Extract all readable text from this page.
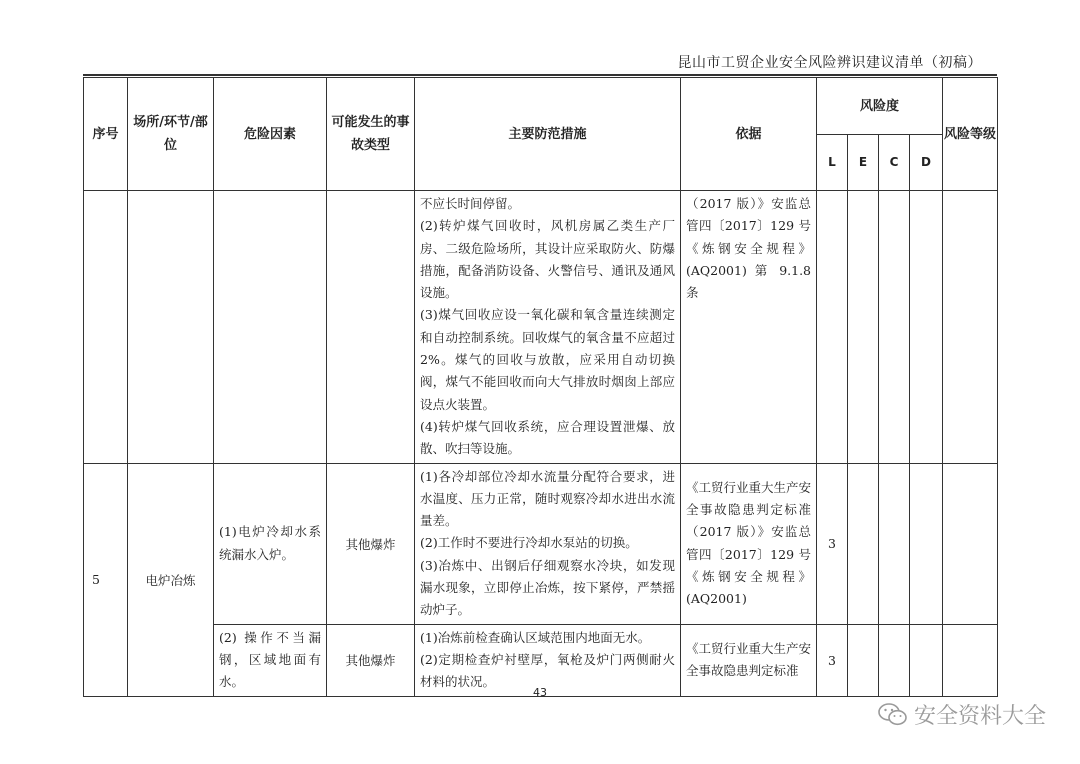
昆山市工贸企业安全风险辨识建议清单（初稿）
序号	场所/环节/部位	危险因素	可能发生的事故类型	主要防范措施	依据	风险度				风险等级
						L	E	C	D	

				不应长时间停留。
(2)转炉煤气回收时，风机房属乙类生产厂房、二级危险场所，其设计应采取防火、防爆措施，配备消防设备、火警信号、通讯及通风设施。
(3)煤气回收应设一氧化碳和氧含量连续测定和自动控制系统。回收煤气的氧含量不应超过 2%。煤气的回收与放散，应采用自动切换阀，煤气不能回收而向大气排放时烟囱上部应设点火装置。
(4)转炉煤气回收系统，应合理设置泄爆、放散、吹扫等设施。	（2017 版）》安监总管四〔2017〕129 号《炼钢安全规程》(AQ2001) 第 9.1.8 条					
5	电炉冶炼	(1)电炉冷却水系统漏水入炉。	其他爆炸	(1)各冷却部位冷却水流量分配符合要求，进水温度、压力正常，随时观察冷却水进出水流量差。
(2)工作时不要进行冷却水泵站的切换。
(3)冶炼中、出钢后仔细观察水冷块，如发现漏水现象，立即停止冶炼，按下紧停，严禁摇动炉子。	《工贸行业重大生产安全事故隐患判定标准（2017 版）》安监总管四〔2017〕129 号《炼钢安全规程》(AQ2001)	3				
		(2) 操作不当漏钢，区域地面有水。	其他爆炸	(1)冶炼前检查确认区域范围内地面无水。
(2)定期检查炉衬壁厚，氧枪及炉门两侧耐火材料的状况。	《工贸行业重大生产安全事故隐患判定标准	3				
43
安全资料大全
